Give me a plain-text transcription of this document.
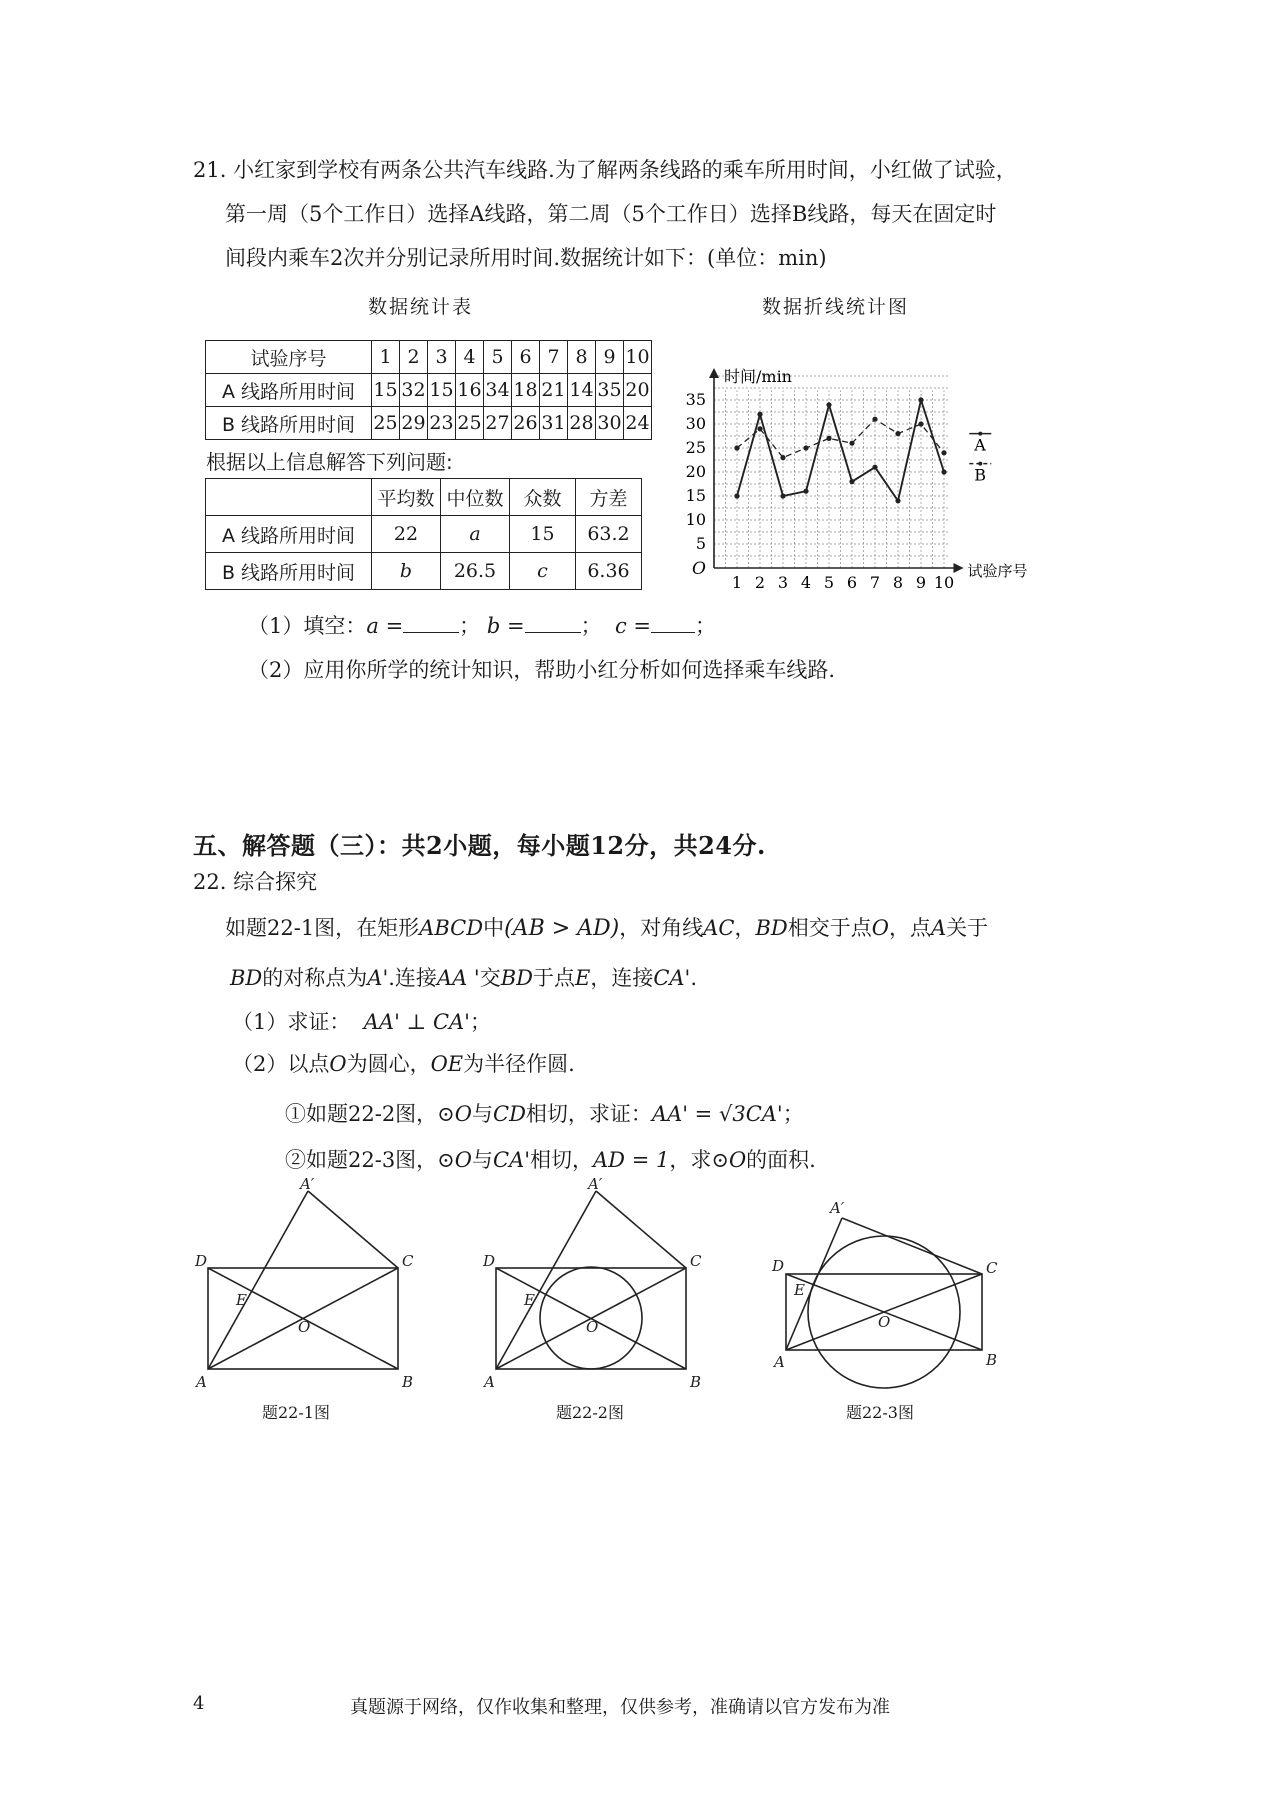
21. 小红家到学校有两条公共汽车线路.为了解两条线路的乘车所用时间，小红做了试验，
第一周（5个工作日）选择A线路，第二周（5个工作日）选择B线路，每天在固定时
间段内乘车2次并分别记录所用时间.数据统计如下：(单位：min)
数据统计表	数据折线统计图
试验序号	1	2	3	4	5	6	7	8	9	10
A 线路所用时间	15	32	15	16	34	18	21	14	35	20
B 线路所用时间	25	29	23	25	27	26	31	28	30	24
根据以上信息解答下列问题:
	平均数	中位数	众数	方差
A 线路所用时间	22	a	15	63.2
B 线路所用时间	b	26.5	c	6.36
时间/min
试验序号
O
5
10
15
20
25
30
35
1 2 3 4 5 6 7 8 9 10
A
B
（1）填空：a =	； b =	； c = ；
（2）应用你所学的统计知识，帮助小红分析如何选择乘车线路.
五、解答题（三）：共2小题，每小题12分，共24分.
22. 综合探究
如题22-1图，在矩形ABCD中(AB > AD)，对角线AC，BD相交于点O，点A关于
BD的对称点为A'.连接AA '交BD于点E，连接CA'.
（1）求证： AA' ⊥ CA'；
（2）以点O为圆心，OE为半径作圆.
①如题22-2图，⊙O与CD相切，求证：AA' = √3CA'；
②如题22-3图，⊙O与CA'相切，AD = 1，求⊙O的面积.
A′
D	C
E
O
A	B
题22-1图
A′
D	C
E
O
A	B
题22-2图
A′
D	C
E
O
A	B
题22-3图
4	真题源于网络，仅作收集和整理，仅供参考，准确请以官方发布为准
